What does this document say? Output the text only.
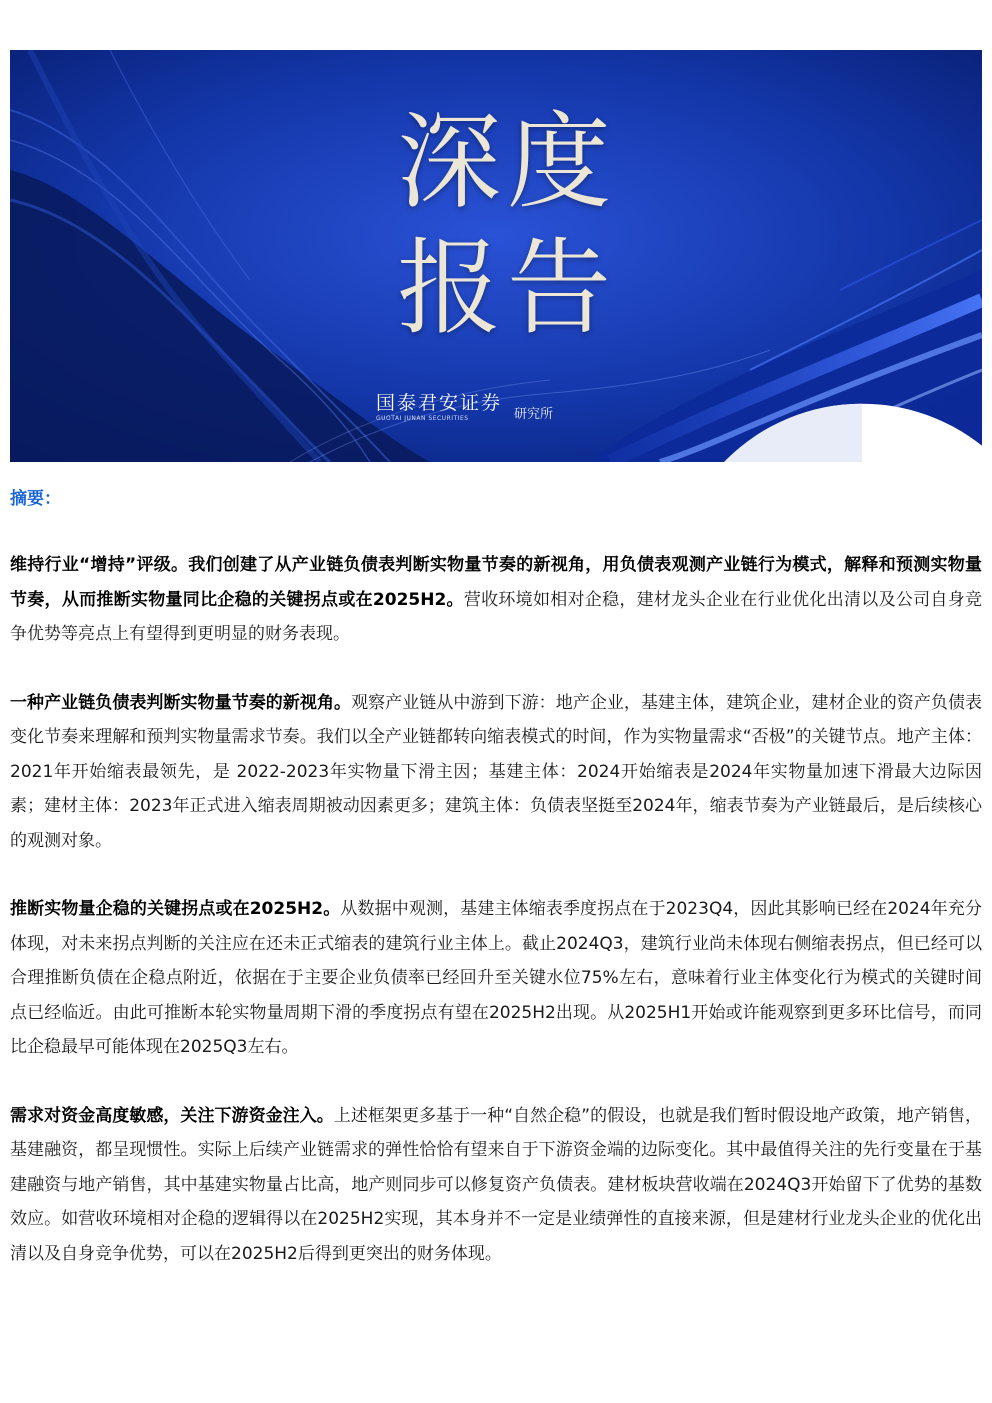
深度
报告
国泰君安证券
GUOTAI JUNAN SECURITIES	研究所
摘要：

维持行业“增持”评级。我们创建了从产业链负债表判断实物量节奏的新视角，用负债表观测产业链行为模式，解释和预测实物量节奏，从而推断实物量同比企稳的关键拐点或在2025H2。营收环境如相对企稳，建材龙头企业在行业优化出清以及公司自身竞争优势等亮点上有望得到更明显的财务表现。

一种产业链负债表判断实物量节奏的新视角。观察产业链从中游到下游：地产企业，基建主体，建筑企业，建材企业的资产负债表变化节奏来理解和预判实物量需求节奏。我们以全产业链都转向缩表模式的时间，作为实物量需求“否极”的关键节点。地产主体：2021年开始缩表最领先，是 2022-2023年实物量下滑主因；基建主体：2024开始缩表是2024年实物量加速下滑最大边际因素；建材主体：2023年正式进入缩表周期被动因素更多；建筑主体：负债表坚挺至2024年，缩表节奏为产业链最后，是后续核心的观测对象。

推断实物量企稳的关键拐点或在2025H2。从数据中观测，基建主体缩表季度拐点在于2023Q4，因此其影响已经在2024年充分体现，对未来拐点判断的关注应在还未正式缩表的建筑行业主体上。截止2024Q3，建筑行业尚未体现右侧缩表拐点，但已经可以合理推断负债在企稳点附近，依据在于主要企业负债率已经回升至关键水位75%左右，意味着行业主体变化行为模式的关键时间点已经临近。由此可推断本轮实物量周期下滑的季度拐点有望在2025H2出现。从2025H1开始或许能观察到更多环比信号，而同比企稳最早可能体现在2025Q3左右。

需求对资金高度敏感，关注下游资金注入。上述框架更多基于一种“自然企稳”的假设，也就是我们暂时假设地产政策，地产销售，基建融资，都呈现惯性。实际上后续产业链需求的弹性恰恰有望来自于下游资金端的边际变化。其中最值得关注的先行变量在于基建融资与地产销售，其中基建实物量占比高，地产则同步可以修复资产负债表。建材板块营收端在2024Q3开始留下了优势的基数效应。如营收环境相对企稳的逻辑得以在2025H2实现，其本身并不一定是业绩弹性的直接来源，但是建材行业龙头企业的优化出清以及自身竞争优势，可以在2025H2后得到更突出的财务体现。
